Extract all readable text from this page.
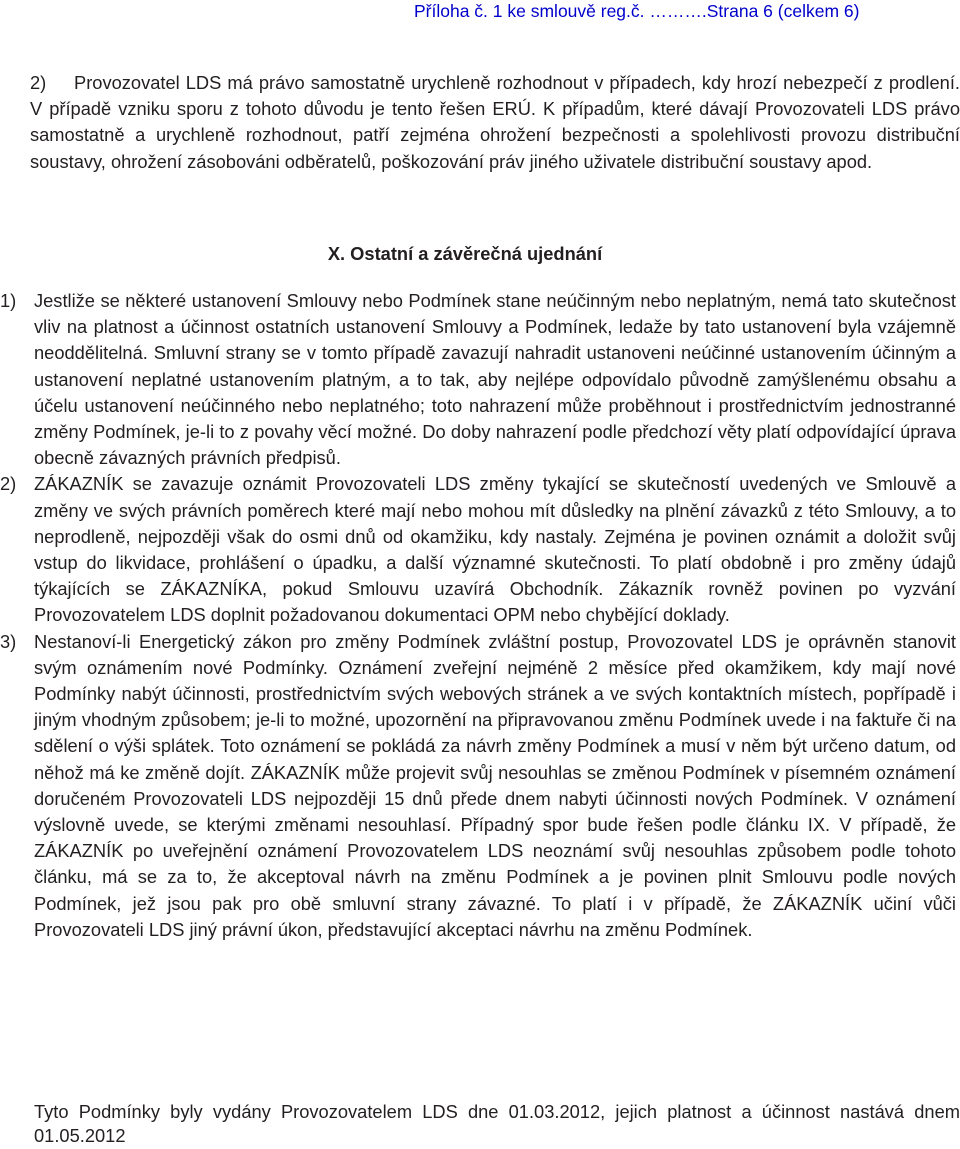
Příloha č. 1 ke smlouvě reg.č. ……….Strana 6 (celkem 6)
2)	Provozovatel LDS má právo samostatně urychleně rozhodnout v případech, kdy hrozí nebezpečí z prodlení. V případě vzniku sporu z tohoto důvodu je tento řešen ERÚ. K případům, které dávají Provozovateli LDS právo samostatně a urychleně rozhodnout, patří zejména ohrožení bezpečnosti a spolehlivosti provozu distribuční soustavy, ohrožení zásobováni odběratelů, poškozování práv jiného uživatele distribuční soustavy apod.

X. Ostatní a závěrečná ujednání
1) Jestliže se některé ustanovení Smlouvy nebo Podmínek stane neúčinným nebo neplatným, nemá tato skutečnost vliv na platnost a účinnost ostatních ustanovení Smlouvy a Podmínek, ledaže by tato ustanovení byla vzájemně neoddělitelná. Smluvní strany se v tomto případě zavazují nahradit ustanoveni neúčinné ustanovením účinným a ustanovení neplatné ustanovením platným, a to tak, aby nejlépe odpovídalo původně zamýšlenému obsahu a účelu ustanovení neúčinného nebo neplatného; toto nahrazení může proběhnout i prostřednictvím jednostranné změny Podmínek, je-li to z povahy věcí možné. Do doby nahrazení podle předchozí věty platí odpovídající úprava obecně závazných právních předpisů.

2) ZÁKAZNÍK se zavazuje oznámit Provozovateli LDS změny tykající se skutečností uvedených ve Smlouvě a změny ve svých právních poměrech které mají nebo mohou mít důsledky na plnění závazků z této Smlouvy, a to neprodleně, nejpozději však do osmi dnů od okamžiku, kdy nastaly. Zejména je povinen oznámit a doložit svůj vstup do likvidace, prohlášení o úpadku, a další významné skutečnosti. To platí obdobně i pro změny údajů týkajících se ZÁKAZNÍKA, pokud Smlouvu uzavírá Obchodník. Zákazník rovněž povinen po vyzvání Provozovatelem LDS doplnit požadovanou dokumentaci OPM nebo chybějící doklady.

3) Nestanoví-li Energetický zákon pro změny Podmínek zvláštní postup, Provozovatel LDS je oprávněn stanovit svým oznámením nové Podmínky. Oznámení zveřejní nejméně 2 měsíce před okamžikem, kdy mají nové Podmínky nabýt účinnosti, prostřednictvím svých webových stránek a ve svých kontaktních místech, popřípadě i jiným vhodným způsobem; je-li to možné, upozornění na připravovanou změnu Podmínek uvede i na faktuře či na sdělení o výši splátek. Toto oznámení se pokládá za návrh změny Podmínek a musí v něm být určeno datum, od něhož má ke změně dojít. ZÁKAZNÍK může projevit svůj nesouhlas se změnou Podmínek v písemném oznámení doručeném Provozovateli LDS nejpozději 15 dnů přede dnem nabyti účinnosti nových Podmínek. V oznámení výslovně uvede, se kterými změnami nesouhlasí. Případný spor bude řešen podle článku IX. V případě, že ZÁKAZNÍK po uveřejnění oznámení Provozovatelem LDS neoznámí svůj nesouhlas způsobem podle tohoto článku, má se za to, že akceptoval návrh na změnu Podmínek a je povinen plnit Smlouvu podle nových Podmínek, jež jsou pak pro obě smluvní strany závazné. To platí i v případě, že ZÁKAZNÍK učiní vůči Provozovateli LDS jiný právní úkon, představující akceptaci návrhu na změnu Podmínek.

Tyto Podmínky byly vydány Provozovatelem LDS dne 01.03.2012, jejich platnost a účinnost nastává dnem 01.05.2012
